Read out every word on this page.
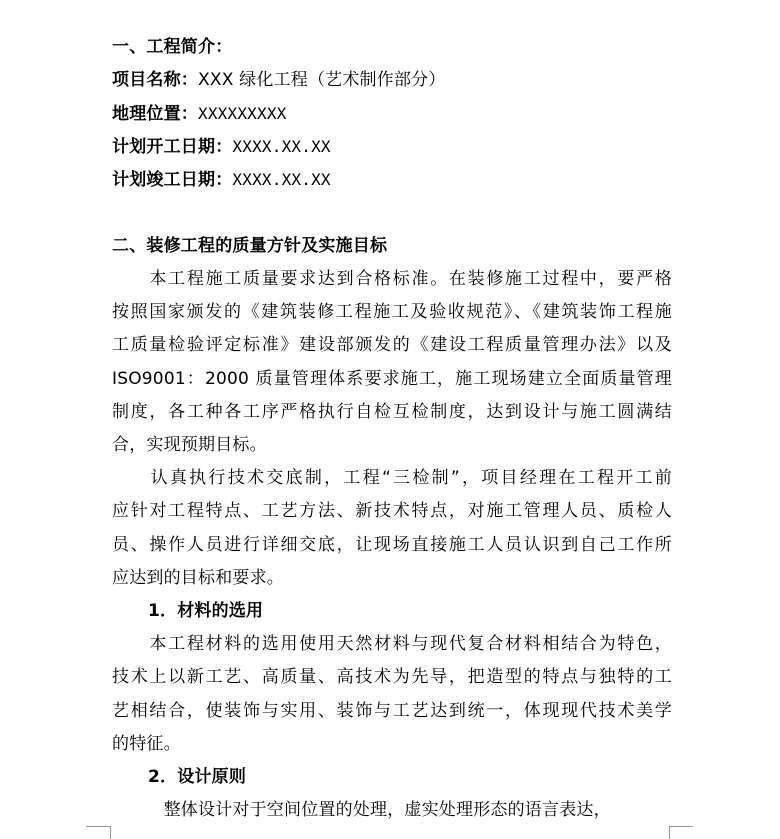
一、工程简介：
项目名称：XXX 绿化工程（艺术制作部分）
地理位置：XXXXXXXXX
计划开工日期：XXXX.XX.XX
计划竣工日期：XXXX.XX.XX
二、装修工程的质量方针及实施目标
　　本工程施工质量要求达到合格标准。在装修施工过程中，要严格
按照国家颁发的《建筑装修工程施工及验收规范》、《建筑装饰工程施
工质量检验评定标准》建设部颁发的《建设工程质量管理办法》以及
ISO9001：2000 质量管理体系要求施工，施工现场建立全面质量管理
制度，各工种各工序严格执行自检互检制度，达到设计与施工圆满结
合，实现预期目标。
　　认真执行技术交底制，工程“三检制”，项目经理在工程开工前
应针对工程特点、工艺方法、新技术特点，对施工管理人员、质检人
员、操作人员进行详细交底，让现场直接施工人员认识到自己工作所
应达到的目标和要求。
1．材料的选用
　　本工程材料的选用使用天然材料与现代复合材料相结合为特色，
技术上以新工艺、高质量、高技术为先导，把造型的特点与独特的工
艺相结合，使装饰与实用、装饰与工艺达到统一，体现现代技术美学
的特征。
2．设计原则
　　　整体设计对于空间位置的处理，虚实处理形态的语言表达，
